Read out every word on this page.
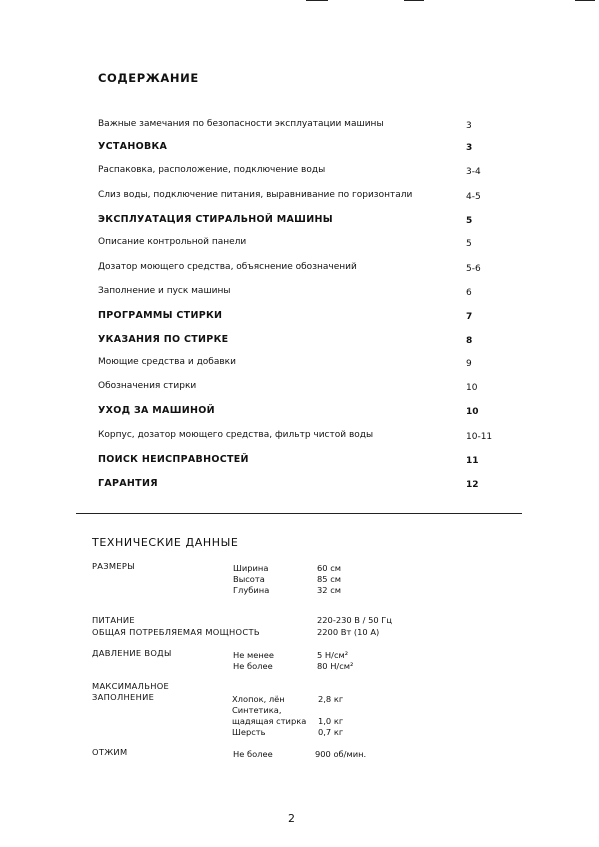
СОДЕРЖАНИЕ
Важные замечания по безопасности эксплуатации машины	3
УСТАНОВКА	3
Распаковка, расположение, подключение воды	3-4
Слиз воды, подключение питания, выравнивание по горизонтали	4-5
ЭКСПЛУАТАЦИЯ СТИРАЛЬНОЙ МАШИНЫ	5
Описание контрольной панели	5
Дозатор моющего средства, объяснение обозначений	5-6
Заполнение и пуск машины	6
ПРОГРАММЫ СТИРКИ	7
УКАЗАНИЯ ПО СТИРКЕ	8
Моющие средства и добавки	9
Обозначения стирки	10
УХОД ЗА МАШИНОЙ	10
Корпус, дозатор моющего средства, фильтр чистой воды	10-11
ПОИСК НЕИСПРАВНОСТЕЙ	11
ГАРАНТИЯ	12
ТЕХНИЧЕСКИЕ ДАННЫЕ
РАЗМЕРЫ	Ширина	60 см
Высота	85 см
Глубина	32 см
ПИТАНИЕ	220-230 В / 50 Гц
ОБЩАЯ ПОТРЕБЛЯЕМАЯ МОЩНОСТЬ	2200 Вт (10 А)
ДАВЛЕНИЕ ВОДЫ	Не менее	5 Н/см²
Не более	80 Н/см²
МАКСИМАЛЬНОЕ
ЗАПОЛНЕНИЕ	Хлопок, лён	2,8 кг
Синтетика,
щадящая стирка 1,0 кг
Шерсть	0,7 кг
ОТЖИМ	Не более	900 об/мин.
2
